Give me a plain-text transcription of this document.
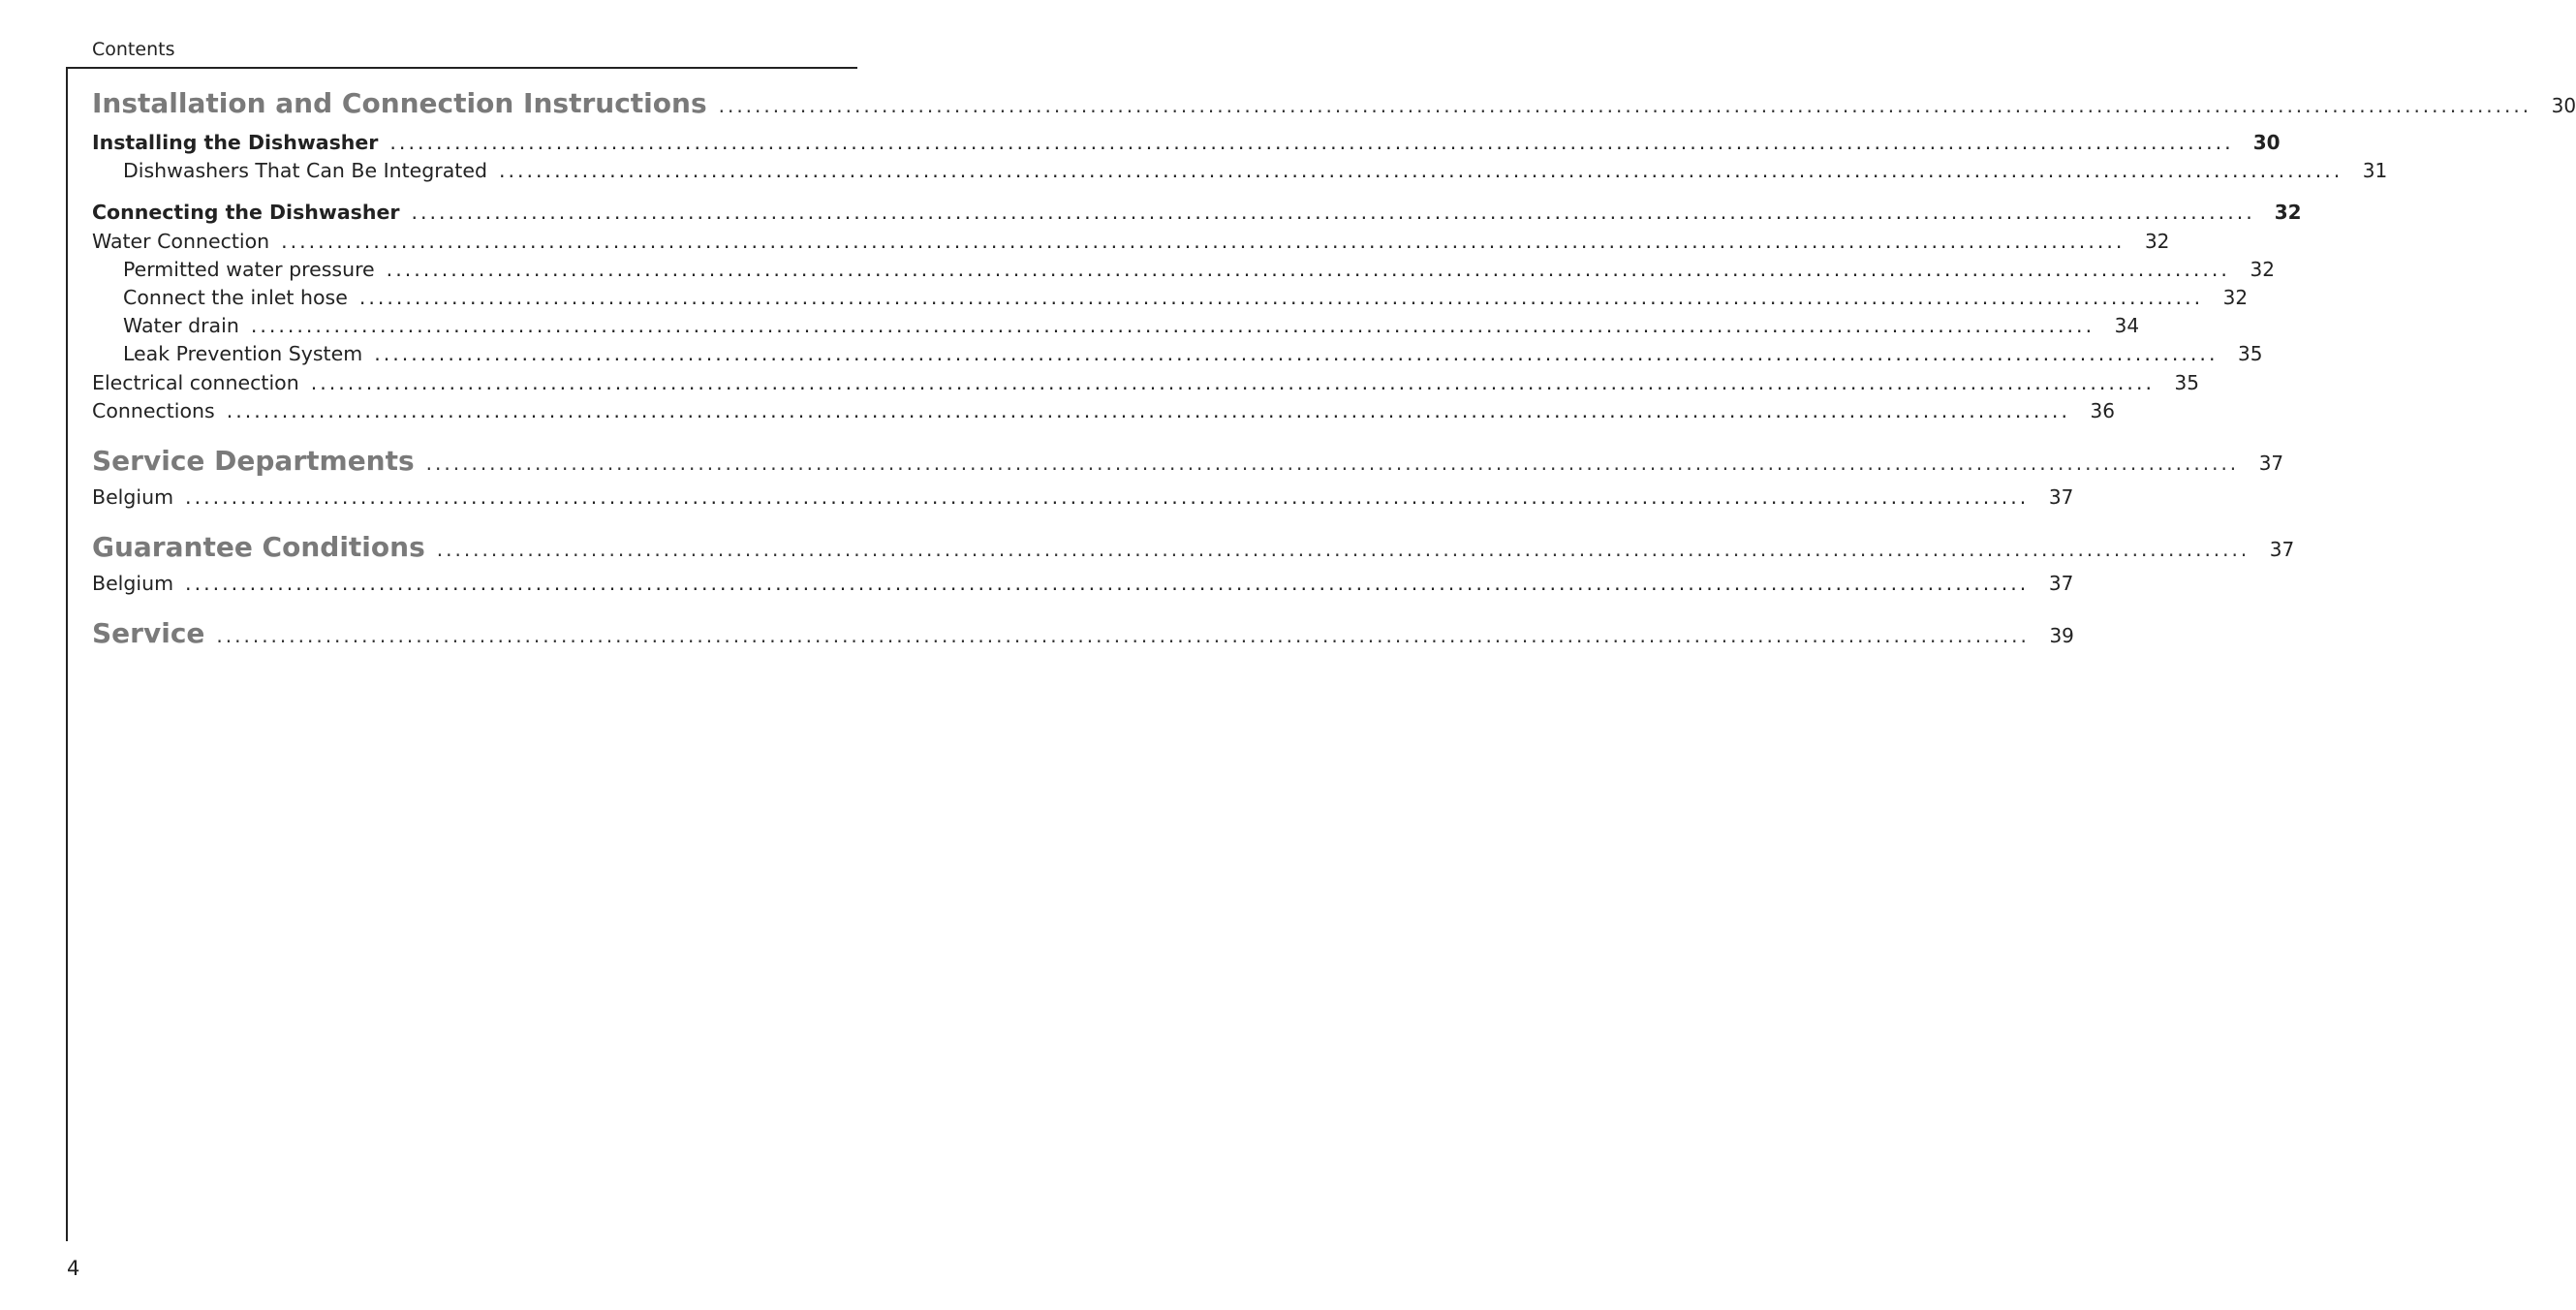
Contents
Installation and Connection Instructions ........................................................................................................................................................................................................ 30
Installing the Dishwasher ........................................................................................................................................................................................................ 30
Dishwashers That Can Be Integrated ........................................................................................................................................................................................................ 31
Connecting the Dishwasher ........................................................................................................................................................................................................ 32
Water Connection ........................................................................................................................................................................................................ 32
Permitted water pressure ........................................................................................................................................................................................................ 32
Connect the inlet hose ........................................................................................................................................................................................................ 32
Water drain ........................................................................................................................................................................................................ 34
Leak Prevention System ........................................................................................................................................................................................................ 35
Electrical connection ........................................................................................................................................................................................................ 35
Connections ........................................................................................................................................................................................................ 36
Service Departments ........................................................................................................................................................................................................ 37
Belgium ........................................................................................................................................................................................................ 37
Guarantee Conditions ........................................................................................................................................................................................................ 37
Belgium ........................................................................................................................................................................................................ 37
Service ........................................................................................................................................................................................................ 39
4
